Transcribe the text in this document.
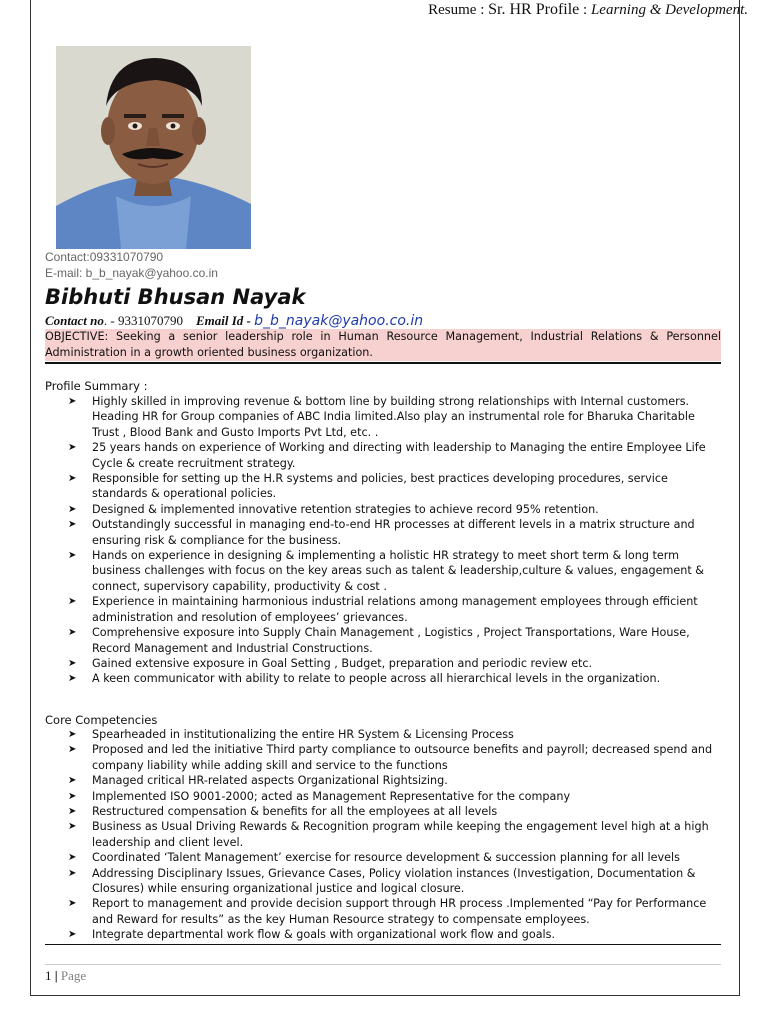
Resume : Sr. HR Profile : Learning & Development.
Contact:09331070790
E-mail: b_b_nayak@yahoo.co.in
Bibhuti Bhusan Nayak
Contact no. - 9331070790 Email Id - b_b_nayak@yahoo.co.in
OBJECTIVE: Seeking a senior leadership role in Human Resource Management, Industrial Relations & Personnel Administration in a growth oriented business organization.
Profile Summary :
➤ Highly skilled in improving revenue & bottom line by building strong relationships with Internal customers. Heading HR for Group companies of ABC India limited.Also play an instrumental role for Bharuka Charitable Trust , Blood Bank and Gusto Imports Pvt Ltd, etc. .
➤ 25 years hands on experience of Working and directing with leadership to Managing the entire Employee Life Cycle & create recruitment strategy.
➤ Responsible for setting up the H.R systems and policies, best practices developing procedures, service standards & operational policies.
➤ Designed & implemented innovative retention strategies to achieve record 95% retention.
➤ Outstandingly successful in managing end-to-end HR processes at different levels in a matrix structure and ensuring risk & compliance for the business.
➤ Hands on experience in designing & implementing a holistic HR strategy to meet short term & long term business challenges with focus on the key areas such as talent & leadership,culture & values, engagement & connect, supervisory capability, productivity & cost .
➤ Experience in maintaining harmonious industrial relations among management employees through efficient administration and resolution of employees’ grievances.
➤ Comprehensive exposure into Supply Chain Management , Logistics , Project Transportations, Ware House, Record Management and Industrial Constructions.
➤ Gained extensive exposure in Goal Setting , Budget, preparation and periodic review etc.
➤ A keen communicator with ability to relate to people across all hierarchical levels in the organization.
Core Competencies
➤ Spearheaded in institutionalizing the entire HR System & Licensing Process
➤ Proposed and led the initiative Third party compliance to outsource benefits and payroll; decreased spend and company liability while adding skill and service to the functions
➤ Managed critical HR-related aspects Organizational Rightsizing.
➤ Implemented ISO 9001-2000; acted as Management Representative for the company
➤ Restructured compensation & benefits for all the employees at all levels
➤ Business as Usual Driving Rewards & Recognition program while keeping the engagement level high at a high leadership and client level.
➤ Coordinated ‘Talent Management’ exercise for resource development & succession planning for all levels
➤ Addressing Disciplinary Issues, Grievance Cases, Policy violation instances (Investigation, Documentation & Closures) while ensuring organizational justice and logical closure.
➤ Report to management and provide decision support through HR process .Implemented “Pay for Performance and Reward for results” as the key Human Resource strategy to compensate employees.
➤ Integrate departmental work flow & goals with organizational work flow and goals.
1 | Page
